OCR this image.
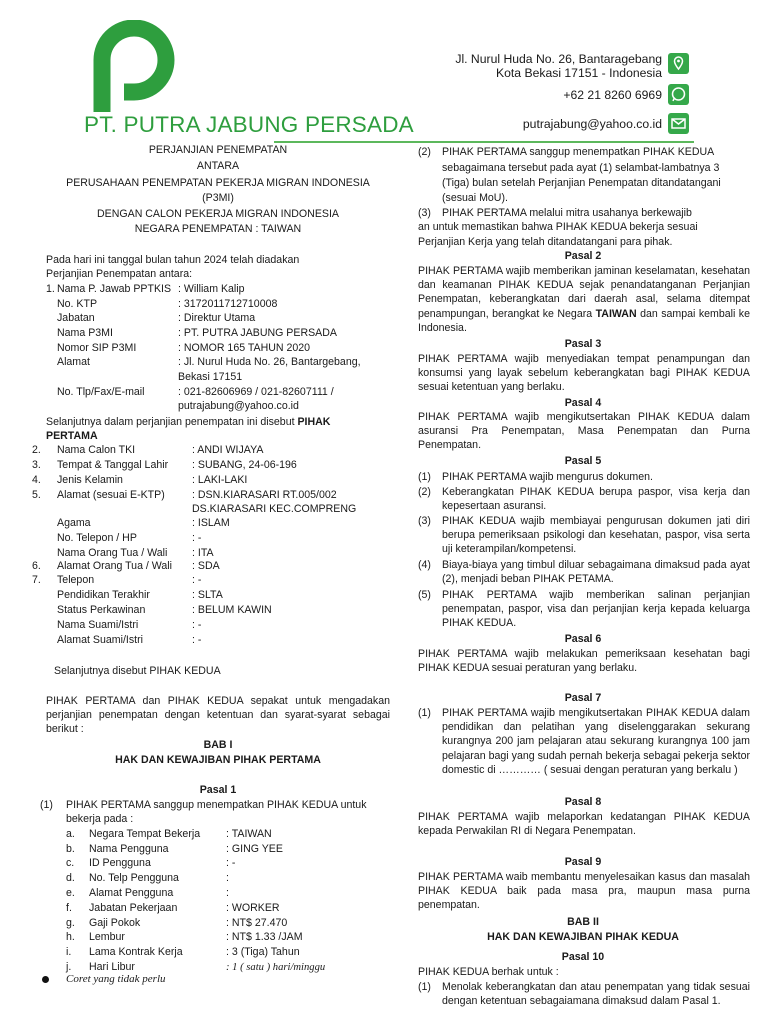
PT. PUTRA JABUNG PERSADA
Jl. Nurul Huda No. 26, Bantaragebang
Kota Bekasi 17151 - Indonesia
+62 21 8260 6969
putrajabung@yahoo.co.id
PERJANJIAN PENEMPATAN
ANTARA
PERUSAHAAN PENEMPATAN PEKERJA MIGRAN INDONESIA
(P3MI)
DENGAN CALON PEKERJA MIGRAN INDONESIA
NEGARA PENEMPATAN : TAIWAN
Pada hari ini tanggal bulan tahun 2024 telah diadakan
Perjanjian Penempatan antara:
1. Nama P. Jawab PPTKIS : William Kalip
No. KTP	: 3172011712710008
Jabatan	: Direktur Utama
Nama P3MI	: PT. PUTRA JABUNG PERSADA
Nomor SIP P3MI	: NOMOR 165 TAHUN 2020
Alamat	: Jl. Nurul Huda No. 26, Bantargebang,
Bekasi 17151
No. Tlp/Fax/E-mail	: 021-82606969 / 021-82607111 /
putrajabung@yahoo.co.id
Selanjutnya dalam perjanjian penempatan ini disebut PIHAK
PERTAMA
2. Nama Calon TKI	: ANDI WIJAYA
3. Tempat & Tanggal Lahir : SUBANG, 24-06-196
4. Jenis Kelamin	: LAKI-LAKI
5. Alamat (sesuai E-KTP)	: DSN.KIARASARI RT.005/002
DS.KIARASARI KEC.COMPRENG
Agama	: ISLAM
No. Telepon / HP	: -
Nama Orang Tua / Wali : ITA
6. Alamat Orang Tua / Wali : SDA
7. Telepon	: -
Pendidikan Terakhir	: SLTA
Status Perkawinan	: BELUM KAWIN
Nama Suami/Istri	: -
Alamat Suami/Istri	: -
Selanjutnya disebut PIHAK KEDUA
PIHAK PERTAMA dan PIHAK KEDUA sepakat untuk mengadakan perjanjian penempatan dengan ketentuan dan syarat-syarat sebagai berikut :
BAB I
HAK DAN KEWAJIBAN PIHAK PERTAMA
Pasal 1
(1) PIHAK PERTAMA sanggup menempatkan PIHAK KEDUA untuk
bekerja pada :
a. Negara Tempat Bekerja : TAIWAN
b. Nama Pengguna	: GING YEE
c. ID Pengguna	: -
d. No. Telp Pengguna	:
e. Alamat Pengguna	:
f. Jabatan Pekerjaan	: WORKER
g. Gaji Pokok	: NT$ 27.470
h. Lembur	: NT$ 1.33 /JAM
i. Lama Kontrak Kerja	: 3 (Tiga) Tahun
j. Hari Libur	: 1 ( satu ) hari/minggu
Coret yang tidak perlu
(2) PIHAK PERTAMA sanggup menempatkan PIHAK KEDUA
sebagaimana tersebut pada ayat (1) selambat-lambatnya 3
(Tiga) bulan setelah Perjanjian Penempatan ditandatangani
(sesuai MoU).
(3) PIHAK PERTAMA melalui mitra usahanya berkewajib
an untuk memastikan bahwa PIHAK KEDUA bekerja sesuai
Perjanjian Kerja yang telah ditandatangani para pihak.
Pasal 2
PIHAK PERTAMA wajib memberikan jaminan keselamatan, kesehatan dan keamanan PIHAK KEDUA sejak penandatanganan Perjanjian Penempatan, keberangkatan dari daerah asal, selama ditempat penampungan, berangkat ke Negara TAIWAN dan sampai kembali ke Indonesia.
Pasal 3
PIHAK PERTAMA wajib menyediakan tempat penampungan dan konsumsi yang layak sebelum keberangkatan bagi PIHAK KEDUA sesuai ketentuan yang berlaku.
Pasal 4
PIHAK PERTAMA wajib mengikutsertakan PIHAK KEDUA dalam asuransi Pra Penempatan, Masa Penempatan dan Purna Penempatan.
Pasal 5
(1) PIHAK PERTAMA wajib mengurus dokumen.
(2) Keberangkatan PIHAK KEDUA berupa paspor, visa kerja dan kepesertaan asuransi.
(3) PIHAK KEDUA wajib membiayai pengurusan dokumen jati diri berupa pemeriksaan psikologi dan kesehatan, paspor, visa serta uji keterampilan/kompetensi.
(4) Biaya-biaya yang timbul diluar sebagaimana dimaksud pada ayat (2), menjadi beban PIHAK PETAMA.
(5) PIHAK PERTAMA wajib memberikan salinan perjanjian penempatan, paspor, visa dan perjanjian kerja kepada keluarga PIHAK KEDUA.
Pasal 6
PIHAK PERTAMA wajib melakukan pemeriksaan kesehatan bagi PIHAK KEDUA sesuai peraturan yang berlaku.
Pasal 7
(1) PIHAK PERTAMA wajib mengikutsertakan PIHAK KEDUA dalam pendidikan dan pelatihan yang diselenggarakan sekurang kurangnya 200 jam pelajaran atau sekurang kurangnya 100 jam pelajaran bagi yang sudah pernah bekerja sebagai pekerja sektor domestic di ………… ( sesuai dengan peraturan yang berkalu )
Pasal 8
PIHAK PERTAMA wajib melaporkan kedatangan PIHAK KEDUA kepada Perwakilan RI di Negara Penempatan.
Pasal 9
PIHAK PERTAMA waib membantu menyelesaikan kasus dan masalah PIHAK KEDUA baik pada masa pra, maupun masa purna penempatan.
BAB II
HAK DAN KEWAJIBAN PIHAK KEDUA
Pasal 10
PIHAK KEDUA berhak untuk :
(1) Menolak keberangkatan dan atau penempatan yang tidak sesuai dengan ketentuan sebagaiamana dimaksud dalam Pasal 1.
